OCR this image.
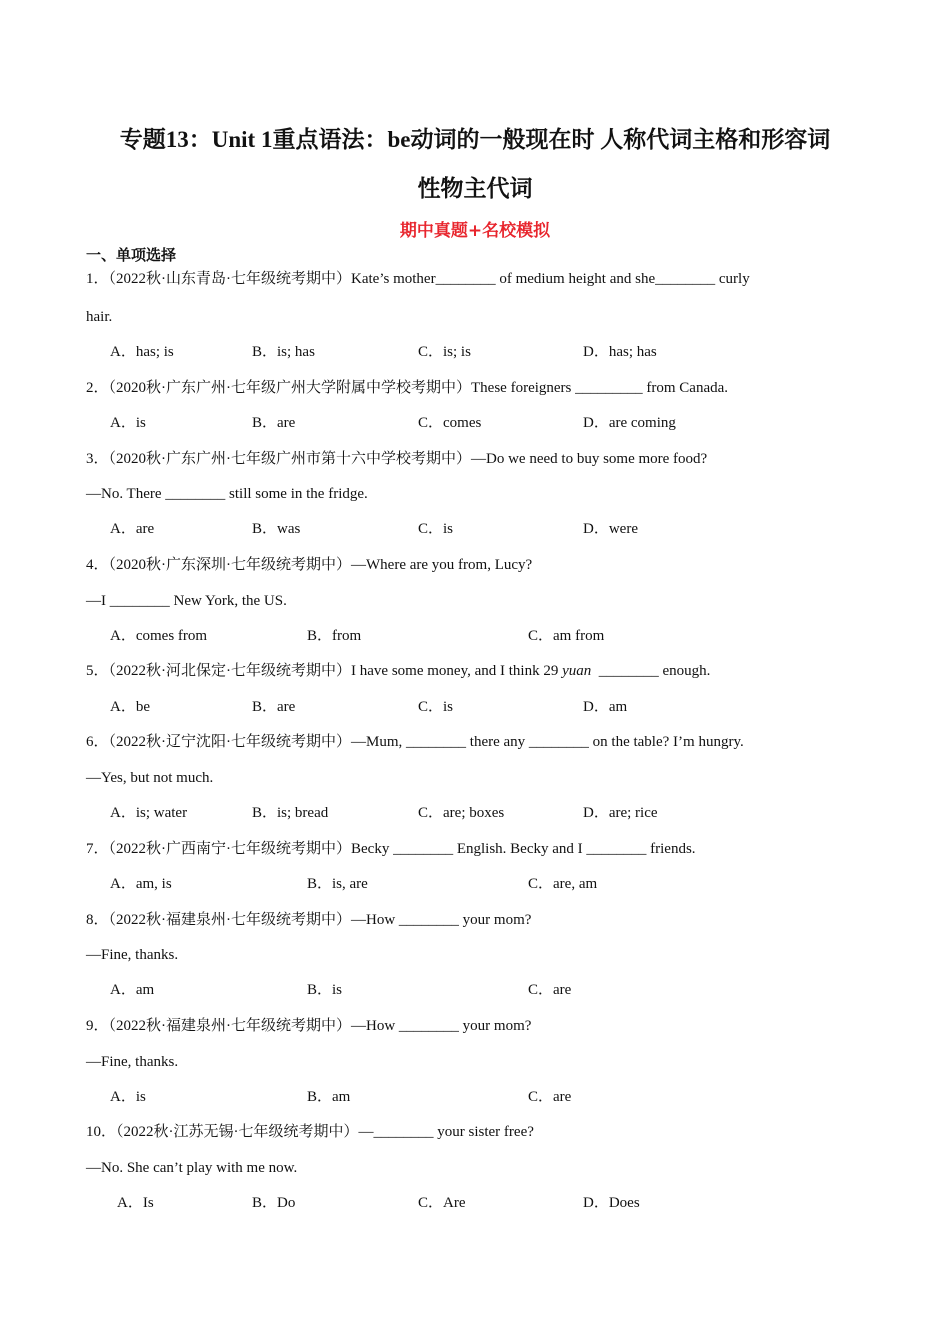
专题13：Unit 1重点语法：be动词的一般现在时 人称代词主格和形容词
性物主代词
期中真题+名校模拟
一、单项选择
1．（2022秋·山东青岛·七年级统考期中）Kate’s mother________ of medium height and she________ curly
hair.
A．has; is	B．is; has	C．is; is	D．has; has
2．（2020秋·广东广州·七年级广州大学附属中学校考期中）These foreigners _________ from Canada.
A．is	B．are	C．comes	D．are coming
3．（2020秋·广东广州·七年级广州市第十六中学校考期中）—Do we need to buy some more food?
—No. There ________ still some in the fridge.
A．are	B．was	C．is	D．were
4．（2020秋·广东深圳·七年级统考期中）—Where are you from, Lucy?
—I ________ New York, the US.
A．comes from	B．from	C．am from
5．（2022秋·河北保定·七年级统考期中）I have some money, and I think 29 yuan  ________ enough.
A．be	B．are	C．is	D．am
6．（2022秋·辽宁沈阳·七年级统考期中）—Mum, ________ there any ________ on the table? I’m hungry.
—Yes, but not much.
A．is; water	B．is; bread	C．are; boxes	D．are; rice
7．（2022秋·广西南宁·七年级统考期中）Becky ________ English. Becky and I ________ friends.
A．am, is	B．is, are	C．are, am
8．（2022秋·福建泉州·七年级统考期中）—How ________ your mom?
—Fine, thanks.
A．am	B．is	C．are
9．（2022秋·福建泉州·七年级统考期中）—How ________ your mom?
—Fine, thanks.
A．is	B．am	C．are
10．（2022秋·江苏无锡·七年级统考期中）—________ your sister free?
—No. She can’t play with me now.
A．Is	B．Do	C．Are	D．Does
